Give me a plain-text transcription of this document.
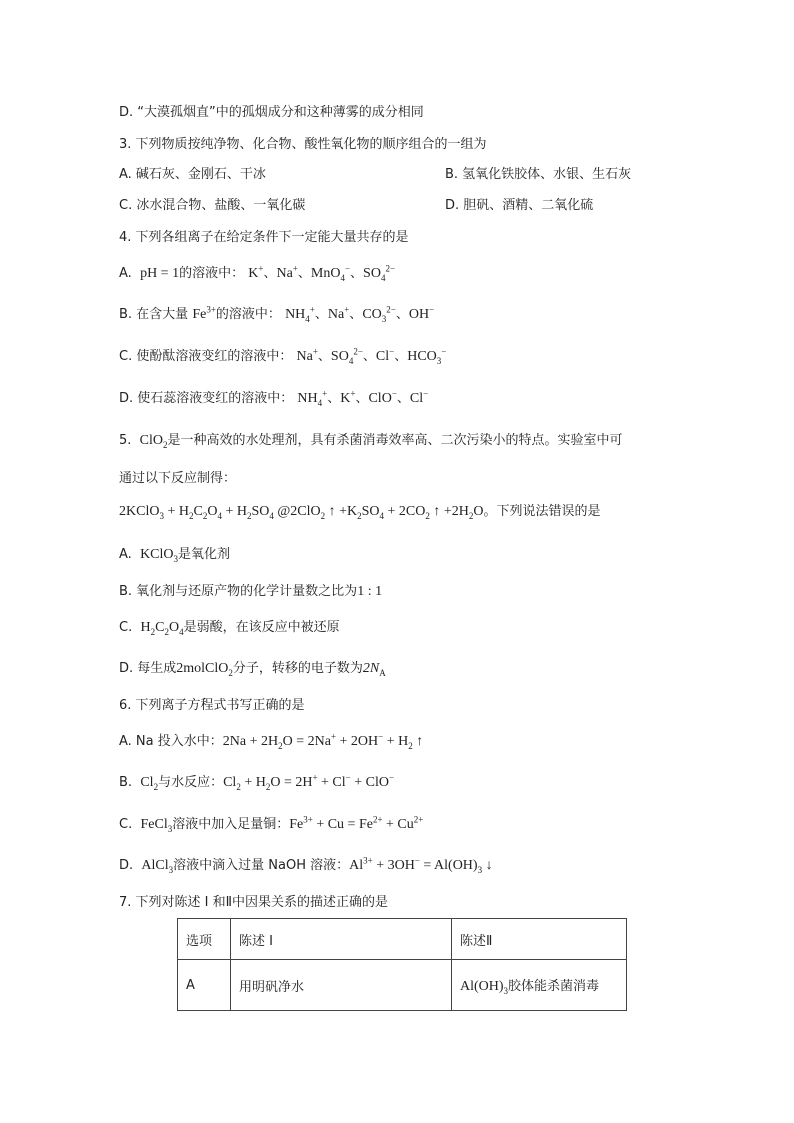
D. “大漠孤烟直”中的孤烟成分和这种薄雾的成分相同
3. 下列物质按纯净物、化合物、酸性氧化物的顺序组合的一组为
A. 碱石灰、金刚石、干冰	B. 氢氧化铁胶体、水银、生石灰
C. 冰水混合物、盐酸、一氧化碳	D. 胆矾、酒精、二氧化硫
4. 下列各组离子在给定条件下一定能大量共存的是
A. pH = 1的溶液中： K+、Na+、MnO$_4$−、$SO_4^{2-}$
B. 在含大量 $Fe^{3+}$的溶液中： $NH_4^+$、Na+、$CO_3^{2-}$、OH−
C. 使酚酞溶液变红的溶液中： Na+、$SO_4^{2-}$、Cl−、$HCO_3^-$
D. 使石蕊溶液变红的溶液中： $NH_4^+$、K+、ClO−、Cl−
5.  ClO$_2$是一种高效的水处理剂，具有杀菌消毒效率高、二次污染小的特点。实验室中可
通过以下反应制得：
2KClO$_3$ + $H_2C_2O_4 + H_2SO_4$ @2ClO$_2$ ↑ $+K_2SO_4 + 2CO_2$ ↑ $+2H_2O$。下列说法错误的是
A.  KClO$_3$是氧化剂
B. 氧化剂与还原产物的化学计量数之比为1 : 1
C.  $H_2C_2O_4$是弱酸，在该反应中被还原
D. 每生成2molClO$_2$分子，转移的电子数为$2N_A$
6. 下列离子方程式书写正确的是
A. Na 投入水中：$2Na + 2H_2O = 2Na^+ + 2OH^- + H_2$ ↑
B.  $Cl_2$与水反应：$Cl_2 + H_2O = 2H^+ + Cl^- + ClO^-$
C.  FeCl$_3$溶液中加入足量铜：$Fe^{3+} + Cu = Fe^{2+} + Cu^{2+}$
D.  AlCl$_3$溶液中滴入过量 NaOH 溶液：$Al^{3+} + 3OH^- = Al(OH)_3$ ↓
7. 下列对陈述 I 和Ⅱ中因果关系的描述正确的是
选项	陈述 I	陈述Ⅱ
A	用明矾净水	$Al(OH)_3$胶体能杀菌消毒
